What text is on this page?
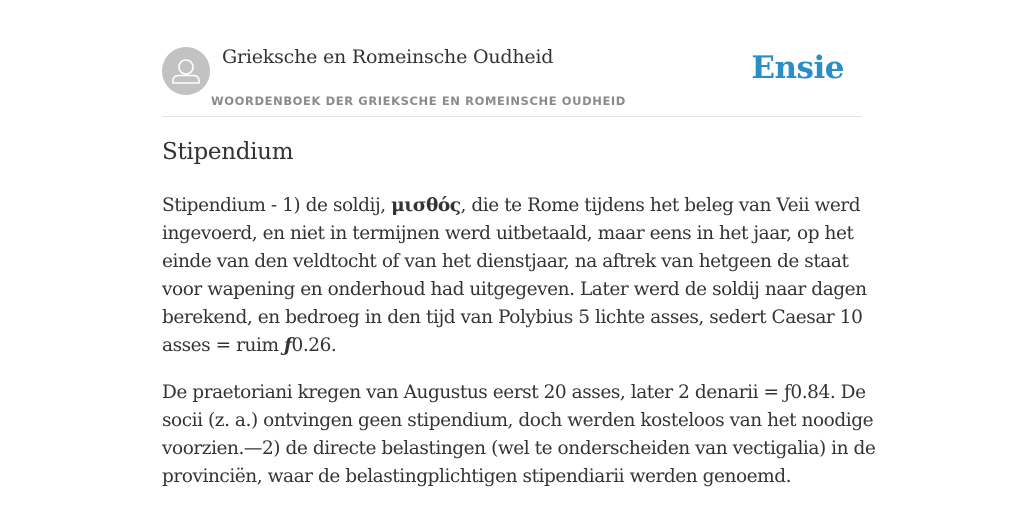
Grieksche en Romeinsche Oudheid
WOORDENBOEK DER GRIEKSCHE EN ROMEINSCHE OUDHEID
Ensie
Stipendium

Stipendium - 1) de soldij, μισθός, die te Rome tijdens het beleg van Veii werd ingevoerd, en niet in termijnen werd uitbetaald, maar eens in het jaar, op het einde van den veldtocht of van het dienstjaar, na aftrek van hetgeen de staat voor wapening en onderhoud had uitgegeven. Later werd de soldij naar dagen berekend, en bedroeg in den tijd van Polybius 5 lichte asses, sedert Caesar 10 asses = ruim ƒ0.26.

De praetoriani kregen van Augustus eerst 20 asses, later 2 denarii = ƒ0.84. De socii (z. a.) ontvingen geen stipendium, doch werden kosteloos van het noodige voorzien.—2) de directe belastingen (wel te onderscheiden van vectigalia) in de provinciën, waar de belastingplichtigen stipendiarii werden genoemd.
